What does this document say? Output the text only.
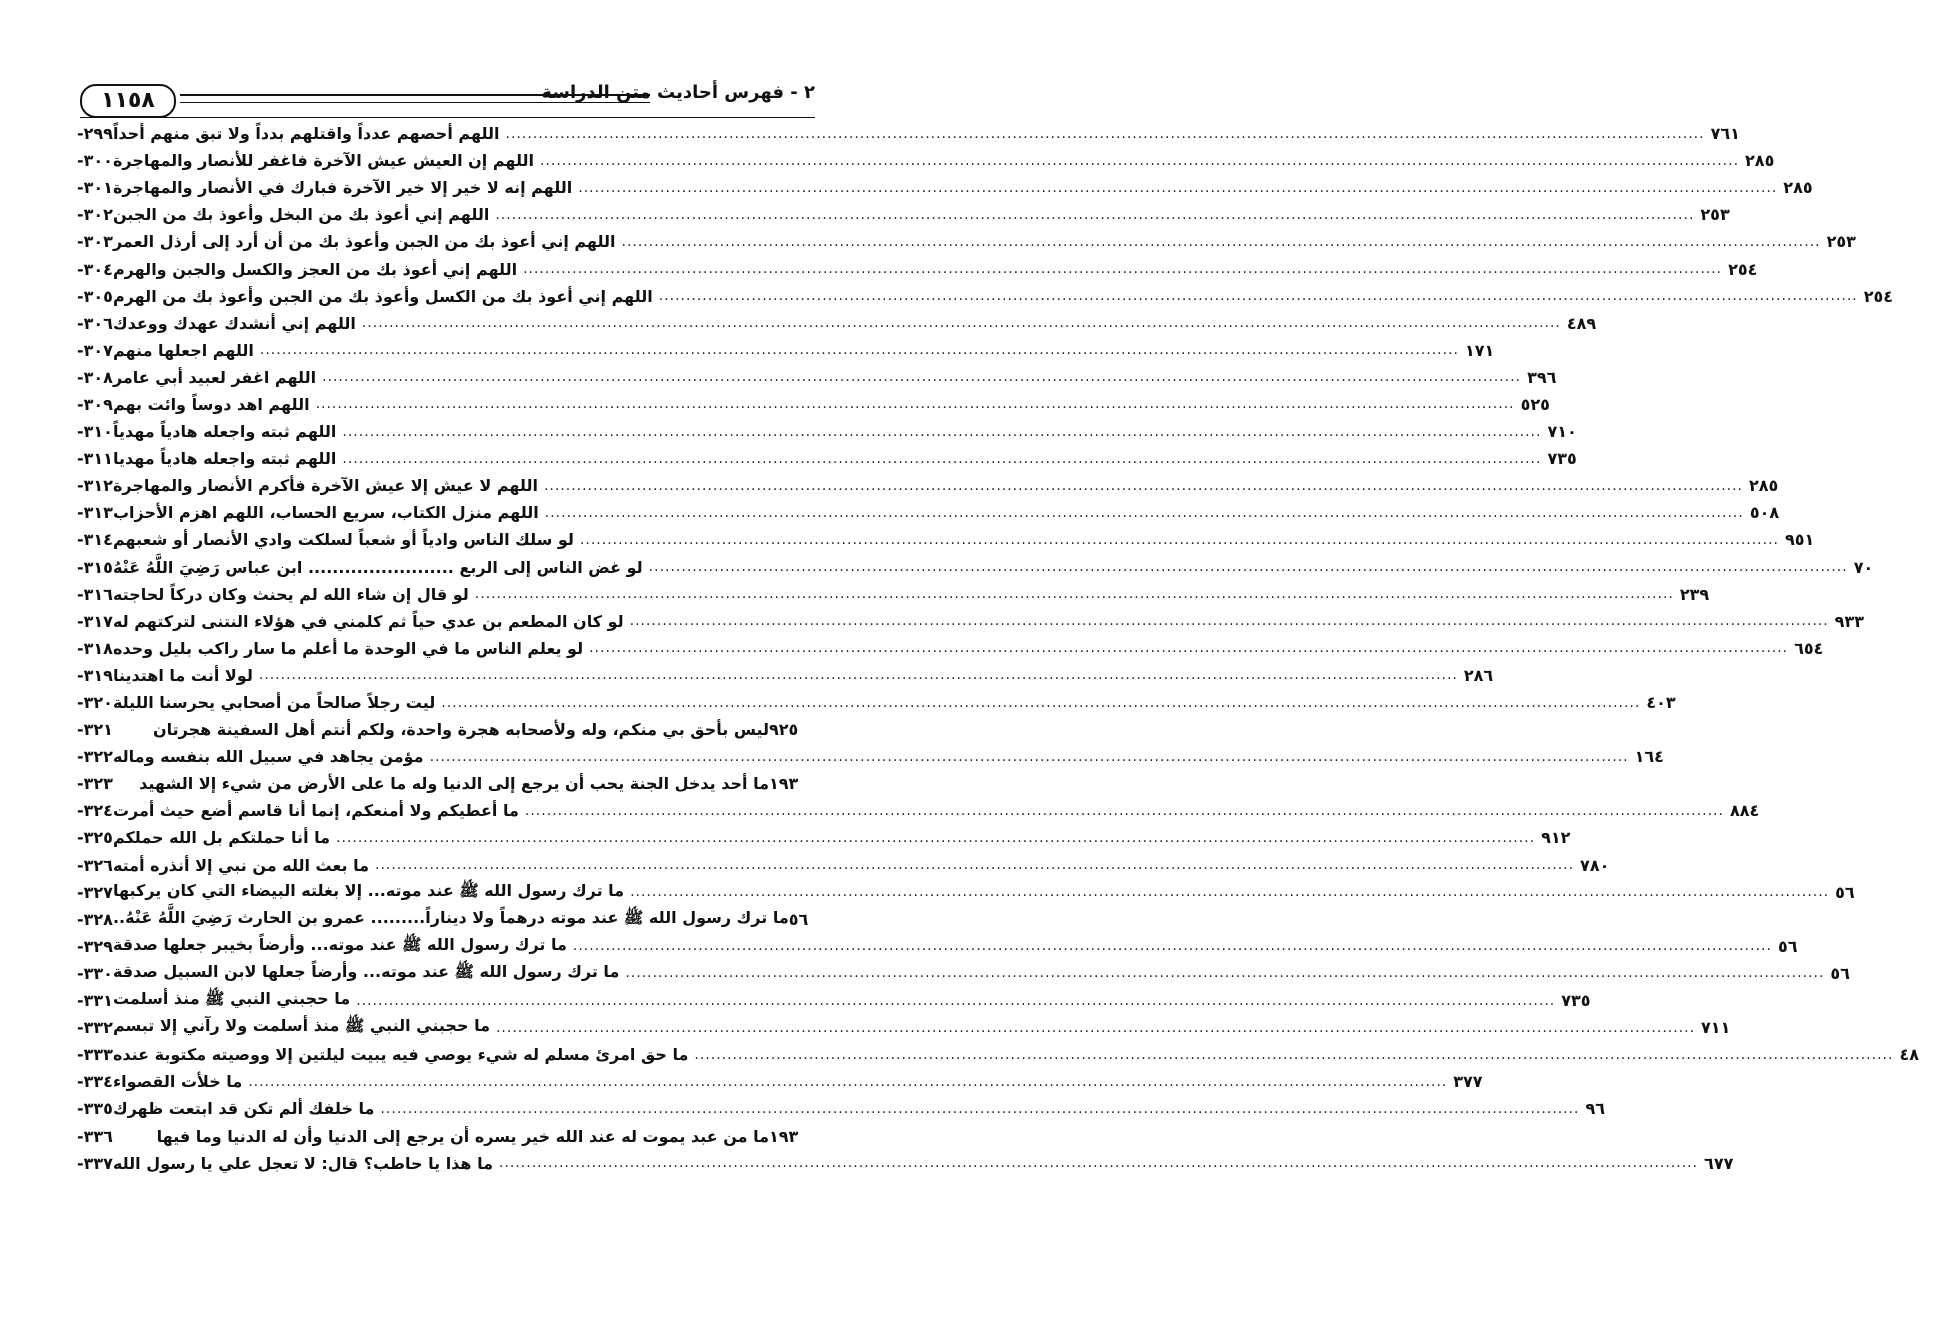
١١٥٨	٢ - فهرس أحاديث متن الدراسة
٢٩٩- اللهم أحصهم عدداً واقتلهم بدداً ولا تبق منهم أحداً ............................................................................................................................................................................................................................ ٧٦١
٣٠٠- اللهم إن العيش عيش الآخرة فاغفر للأنصار والمهاجرة ............................................................................................................................................................................................................................ ٢٨٥
٣٠١- اللهم إنه لا خير إلا خير الآخرة فبارك في الأنصار والمهاجرة ............................................................................................................................................................................................................................ ٢٨٥
٣٠٢- اللهم إني أعوذ بك من البخل وأعوذ بك من الجبن ............................................................................................................................................................................................................................ ٢٥٣
٣٠٣- اللهم إني أعوذ بك من الجبن وأعوذ بك من أن أرد إلى أرذل العمر ............................................................................................................................................................................................................................ ٢٥٣
٣٠٤- اللهم إني أعوذ بك من العجز والكسل والجبن والهرم ............................................................................................................................................................................................................................ ٢٥٤
٣٠٥- اللهم إني أعوذ بك من الكسل وأعوذ بك من الجبن وأعوذ بك من الهرم ............................................................................................................................................................................................................................ ٢٥٤
٣٠٦- اللهم إني أنشدك عهدك ووعدك ............................................................................................................................................................................................................................ ٤٨٩
٣٠٧- اللهم اجعلها منهم ............................................................................................................................................................................................................................ ١٧١
٣٠٨- اللهم اغفر لعبيد أبي عامر ............................................................................................................................................................................................................................ ٣٩٦
٣٠٩- اللهم اهد دوساً وائت بهم ............................................................................................................................................................................................................................ ٥٢٥
٣١٠- اللهم ثبته واجعله هادياً مهدياً ............................................................................................................................................................................................................................ ٧١٠
٣١١- اللهم ثبته واجعله هادياً مهديا ............................................................................................................................................................................................................................ ٧٣٥
٣١٢- اللهم لا عيش إلا عيش الآخرة فأكرم الأنصار والمهاجرة ............................................................................................................................................................................................................................ ٢٨٥
٣١٣- اللهم منزل الكتاب، سريع الحساب، اللهم اهزم الأحزاب ............................................................................................................................................................................................................................ ٥٠٨
٣١٤- لو سلك الناس وادياً أو شعباً لسلكت وادي الأنصار أو شعبهم ............................................................................................................................................................................................................................ ٩٥١
٣١٥- لو غض الناس إلى الربع ........................ ابن عباس رَضِيَ اللَّهُ عَنْهُ ............................................................................................................................................................................................................................ ٧٠
٣١٦- لو قال إن شاء الله لم يحنث وكان دركاً لحاجته ............................................................................................................................................................................................................................ ٢٣٩
٣١٧- لو كان المطعم بن عدي حياً ثم كلمني في هؤلاء النتنى لتركتهم له ............................................................................................................................................................................................................................ ٩٣٣
٣١٨- لو يعلم الناس ما في الوحدة ما أعلم ما سار راكب بليل وحده ............................................................................................................................................................................................................................ ٦٥٤
٣١٩- لولا أنت ما اهتدينا ............................................................................................................................................................................................................................ ٢٨٦
٣٢٠- ليت رجلاً صالحاً من أصحابي يحرسنا الليلة ............................................................................................................................................................................................................................ ٤٠٣
٣٢١-	ليس بأحق بي منكم، وله ولأصحابه هجرة واحدة، ولكم أنتم أهل السفينة هجرتان ٩٢٥
٣٢٢- مؤمن يجاهد في سبيل الله بنفسه وماله ............................................................................................................................................................................................................................ ١٦٤
٣٢٣-	ما أحد يدخل الجنة يحب أن يرجع إلى الدنيا وله ما على الأرض من شيء إلا الشهيد ١٩٣
٣٢٤- ما أعطيكم ولا أمنعكم، إنما أنا قاسم أضع حيث أمرت ............................................................................................................................................................................................................................ ٨٨٤
٣٢٥- ما أنا حملتكم بل الله حملكم ............................................................................................................................................................................................................................ ٩١٢
٣٢٦- ما بعث الله من نبي إلا أنذره أمته ............................................................................................................................................................................................................................ ٧٨٠
٣٢٧- ما ترك رسول الله ﷺ عند موته... إلا بغلته البيضاء التي كان يركبها ............................................................................................................................................................................................................................ ٥٦
٣٢٨- ما ترك رسول الله ﷺ عند موته درهماً ولا ديناراً......... عمرو بن الحارث رَضِيَ اللَّهُ عَنْهُ.. ٥٦
٣٢٩- ما ترك رسول الله ﷺ عند موته... وأرضاً بخيبر جعلها صدقة ............................................................................................................................................................................................................................ ٥٦
٣٣٠- ما ترك رسول الله ﷺ عند موته... وأرضاً جعلها لابن السبيل صدقة ............................................................................................................................................................................................................................ ٥٦
٣٣١- ما حجبني النبي ﷺ منذ أسلمت ............................................................................................................................................................................................................................ ٧٣٥
٣٣٢- ما حجبني النبي ﷺ منذ أسلمت ولا رآني إلا تبسم ............................................................................................................................................................................................................................ ٧١١
٣٣٣- ما حق امرئ مسلم له شيء يوصي فيه يبيت ليلتين إلا ووصيته مكتوبة عنده ............................................................................................................................................................................................................................ ٤٨
٣٣٤- ما خلأت القصواء ............................................................................................................................................................................................................................ ٣٧٧
٣٣٥- ما خلفك ألم تكن قد ابتعت ظهرك ............................................................................................................................................................................................................................ ٩٦
٣٣٦-	ما من عبد يموت له عند الله خير يسره أن يرجع إلى الدنيا وأن له الدنيا وما فيها ١٩٣
٣٣٧- ما هذا يا حاطب؟ قال: لا تعجل علي يا رسول الله ............................................................................................................................................................................................................................ ٦٧٧
